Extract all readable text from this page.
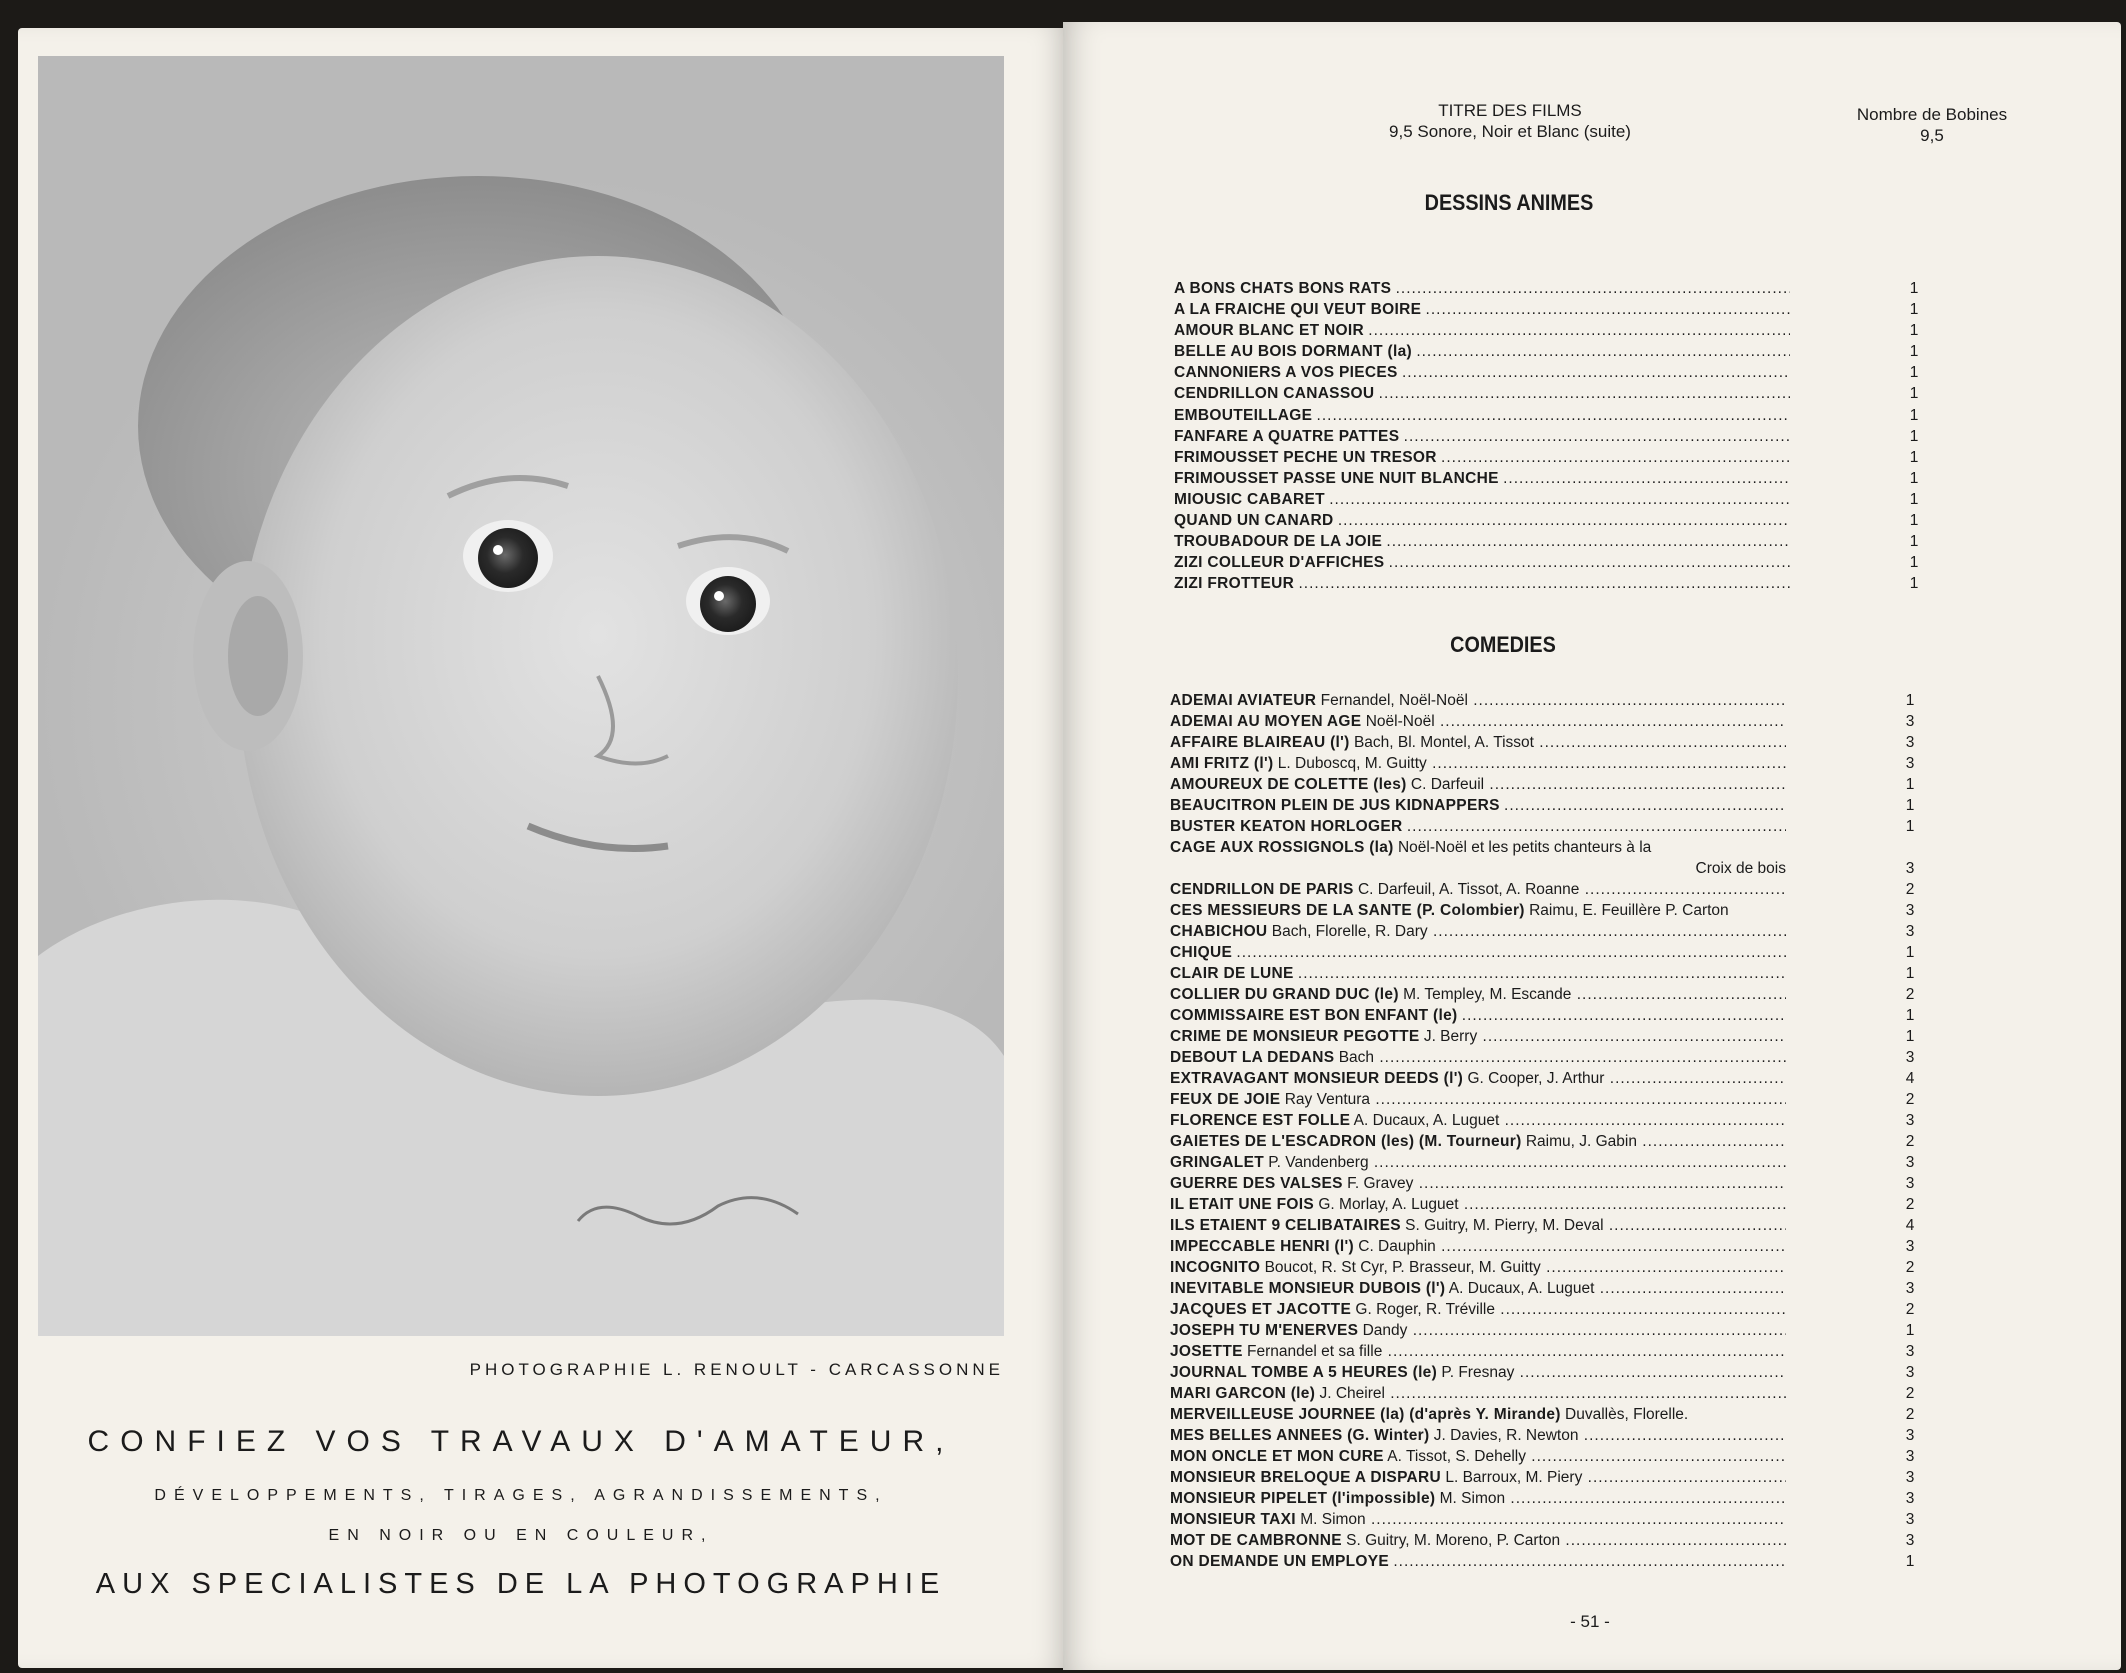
PHOTOGRAPHIE L. RENOULT - CARCASSONNE
CONFIEZ VOS TRAVAUX D'AMATEUR,
DÉVELOPPEMENTS, TIRAGES, AGRANDISSEMENTS,
EN NOIR OU EN COULEUR,
AUX SPECIALISTES DE LA PHOTOGRAPHIE
TITRE DES FILMS
9,5 Sonore, Noir et Blanc (suite)
Nombre de Bobines
9,5
DESSINS ANIMES
A BONS CHATS BONS RATS .....	1
A LA FRAICHE QUI VEUT BOIRE .....	1
AMOUR BLANC ET NOIR .....	1
BELLE AU BOIS DORMANT (la) .....	1
CANNONIERS A VOS PIECES .....	1
CENDRILLON CANASSOU .....	1
EMBOUTEILLAGE .....	1
FANFARE A QUATRE PATTES .....	1
FRIMOUSSET PECHE UN TRESOR .....	1
FRIMOUSSET PASSE UNE NUIT BLANCHE .....	1
MIOUSIC CABARET .....	1
QUAND UN CANARD .....	1
TROUBADOUR DE LA JOIE .....	1
ZIZI COLLEUR D'AFFICHES .....	1
ZIZI FROTTEUR .....	1
COMEDIES
ADEMAI AVIATEUR Fernandel, Noël-Noël .....	1
ADEMAI AU MOYEN AGE Noël-Noël .....	3
AFFAIRE BLAIREAU (l') Bach, Bl. Montel, A. Tissot .....	3
AMI FRITZ (l') L. Duboscq, M. Guitty .....	3
AMOUREUX DE COLETTE (les) C. Darfeuil .....	1
BEAUCITRON PLEIN DE JUS KIDNAPPERS .....	1
BUSTER KEATON HORLOGER .....	1
CAGE AUX ROSSIGNOLS (la) Noël-Noël et les petits chanteurs à la
Croix de bois	3
CENDRILLON DE PARIS C. Darfeuil, A. Tissot, A. Roanne .....	2
CES MESSIEURS DE LA SANTE (P. Colombier) Raimu, E. Feuillère P. Carton	3
CHABICHOU Bach, Florelle, R. Dary .....	3
CHIQUE .....	1
CLAIR DE LUNE .....	1
COLLIER DU GRAND DUC (le) M. Templey, M. Escande .....	2
COMMISSAIRE EST BON ENFANT (le) .....	1
CRIME DE MONSIEUR PEGOTTE J. Berry .....	1
DEBOUT LA DEDANS Bach .....	3
EXTRAVAGANT MONSIEUR DEEDS (l') G. Cooper, J. Arthur .....	4
FEUX DE JOIE Ray Ventura .....	2
FLORENCE EST FOLLE A. Ducaux, A. Luguet .....	3
GAIETES DE L'ESCADRON (les) (M. Tourneur) Raimu, J. Gabin .....	2
GRINGALET P. Vandenberg .....	3
GUERRE DES VALSES F. Gravey .....	3
IL ETAIT UNE FOIS G. Morlay, A. Luguet .....	2
ILS ETAIENT 9 CELIBATAIRES S. Guitry, M. Pierry, M. Deval .....	4
IMPECCABLE HENRI (l') C. Dauphin .....	3
INCOGNITO Boucot, R. St Cyr, P. Brasseur, M. Guitty .....	2
INEVITABLE MONSIEUR DUBOIS (l') A. Ducaux, A. Luguet .....	3
JACQUES ET JACOTTE G. Roger, R. Tréville .....	2
JOSEPH TU M'ENERVES Dandy .....	1
JOSETTE Fernandel et sa fille .....	3
JOURNAL TOMBE A 5 HEURES (le) P. Fresnay .....	3
MARI GARCON (le) J. Cheirel .....	2
MERVEILLEUSE JOURNEE (la) (d'après Y. Mirande) Duvallès, Florelle.	2
MES BELLES ANNEES (G. Winter) J. Davies, R. Newton .....	3
MON ONCLE ET MON CURE A. Tissot, S. Dehelly .....	3
MONSIEUR BRELOQUE A DISPARU L. Barroux, M. Piery .....	3
MONSIEUR PIPELET (l'impossible) M. Simon .....	3
MONSIEUR TAXI M. Simon .....	3
MOT DE CAMBRONNE S. Guitry, M. Moreno, P. Carton .....	3
ON DEMANDE UN EMPLOYE .....	1
- 51 -
